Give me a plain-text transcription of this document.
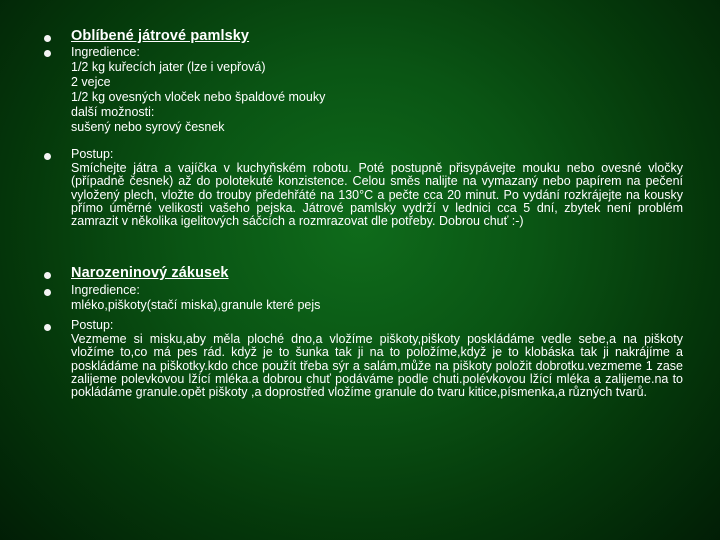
Oblíbené játrové pamlsky
Ingredience:
1/2 kg kuřecích jater (lze i vepřová)
2 vejce
1/2 kg ovesných vloček nebo špaldové mouky
další možnosti:
sušený nebo syrový česnek
Postup:
Smíchejte játra a vajíčka v kuchyňském robotu. Poté postupně přisypávejte mouku nebo ovesné vločky (případně česnek) až do polotekuté konzistence. Celou směs nalijte na vymazaný nebo papírem na pečení vyložený plech, vložte do trouby předehřáté na 130°C a pečte cca 20 minut. Po vydání rozkrájejte na kousky přímo úměrné velikosti vašeho pejska. Játrové pamlsky vydrží v lednici cca 5 dní, zbytek není problém zamrazit v několika igelitových sáčcích a rozmrazovat dle potřeby. Dobrou chuť :-)
Narozeninový zákusek
Ingredience:
mléko,piškoty(stačí miska),granule které pejs
Postup:
Vezmeme si misku,aby měla ploché dno,a vložíme piškoty,piškoty poskládáme vedle sebe,a na piškoty vložíme to,co má pes rád. když je to šunka tak ji na to položíme,když je to klobáska tak ji nakrájíme a poskládáme na piškotky.kdo chce použít třeba sýr a salám,může na piškoty položit dobrotku.vezmeme 1 zase zalijeme polevkovou lžící mléka.a dobrou chuť podáváme podle chuti.polévkovou lžící mléka a zalijeme.na to pokládáme granule.opět piškoty ,a doprostřed vložíme granule do tvaru kitice,písmenka,a různých tvarů.
